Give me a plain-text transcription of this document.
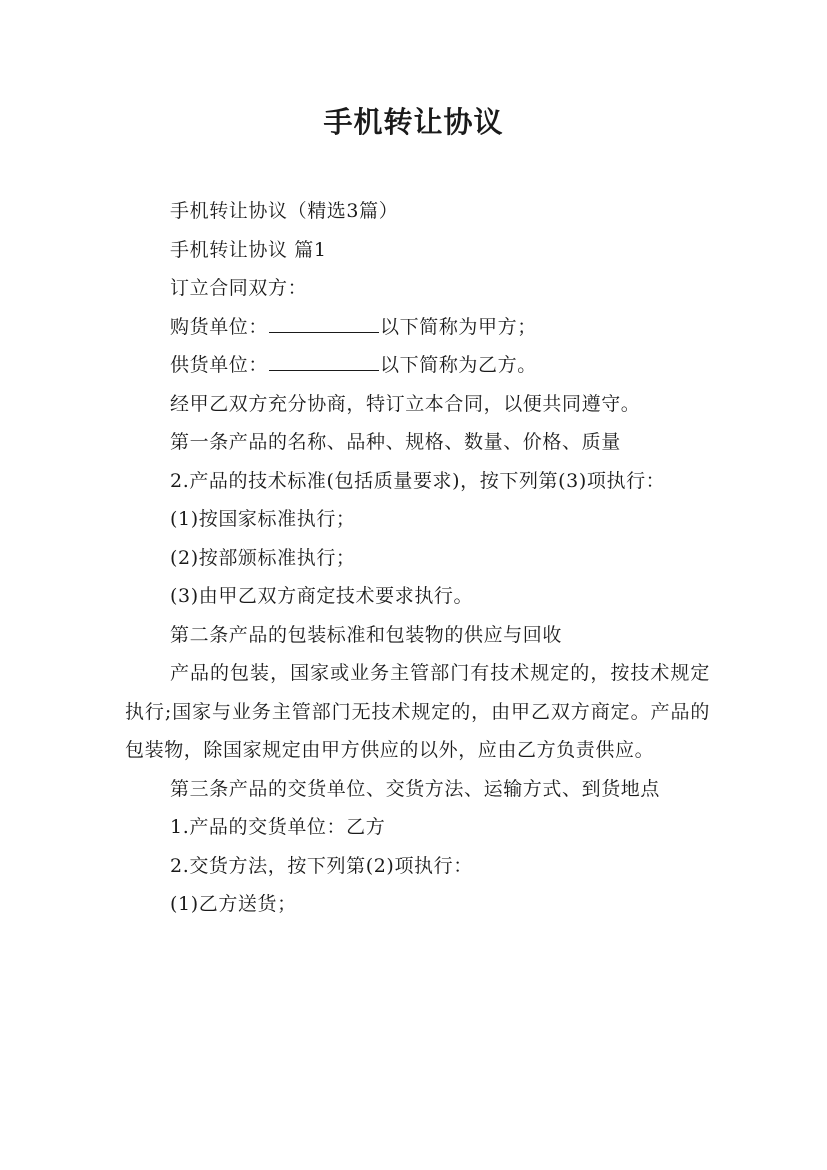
手机转让协议

手机转让协议（精选3篇）

手机转让协议 篇1

订立合同双方：

购货单位：	以下简称为甲方；

供货单位：	以下简称为乙方。

经甲乙双方充分协商，特订立本合同，以便共同遵守。

第一条产品的名称、品种、规格、数量、价格、质量

2.产品的技术标准(包括质量要求)，按下列第(3)项执行：

(1)按国家标准执行；

(2)按部颁标准执行；

(3)由甲乙双方商定技术要求执行。

第二条产品的包装标准和包装物的供应与回收

产品的包装，国家或业务主管部门有技术规定的，按技术规定执行;国家与业务主管部门无技术规定的，由甲乙双方商定。产品的包装物，除国家规定由甲方供应的以外，应由乙方负责供应。

第三条产品的交货单位、交货方法、运输方式、到货地点

1.产品的交货单位：乙方

2.交货方法，按下列第(2)项执行：

(1)乙方送货；
